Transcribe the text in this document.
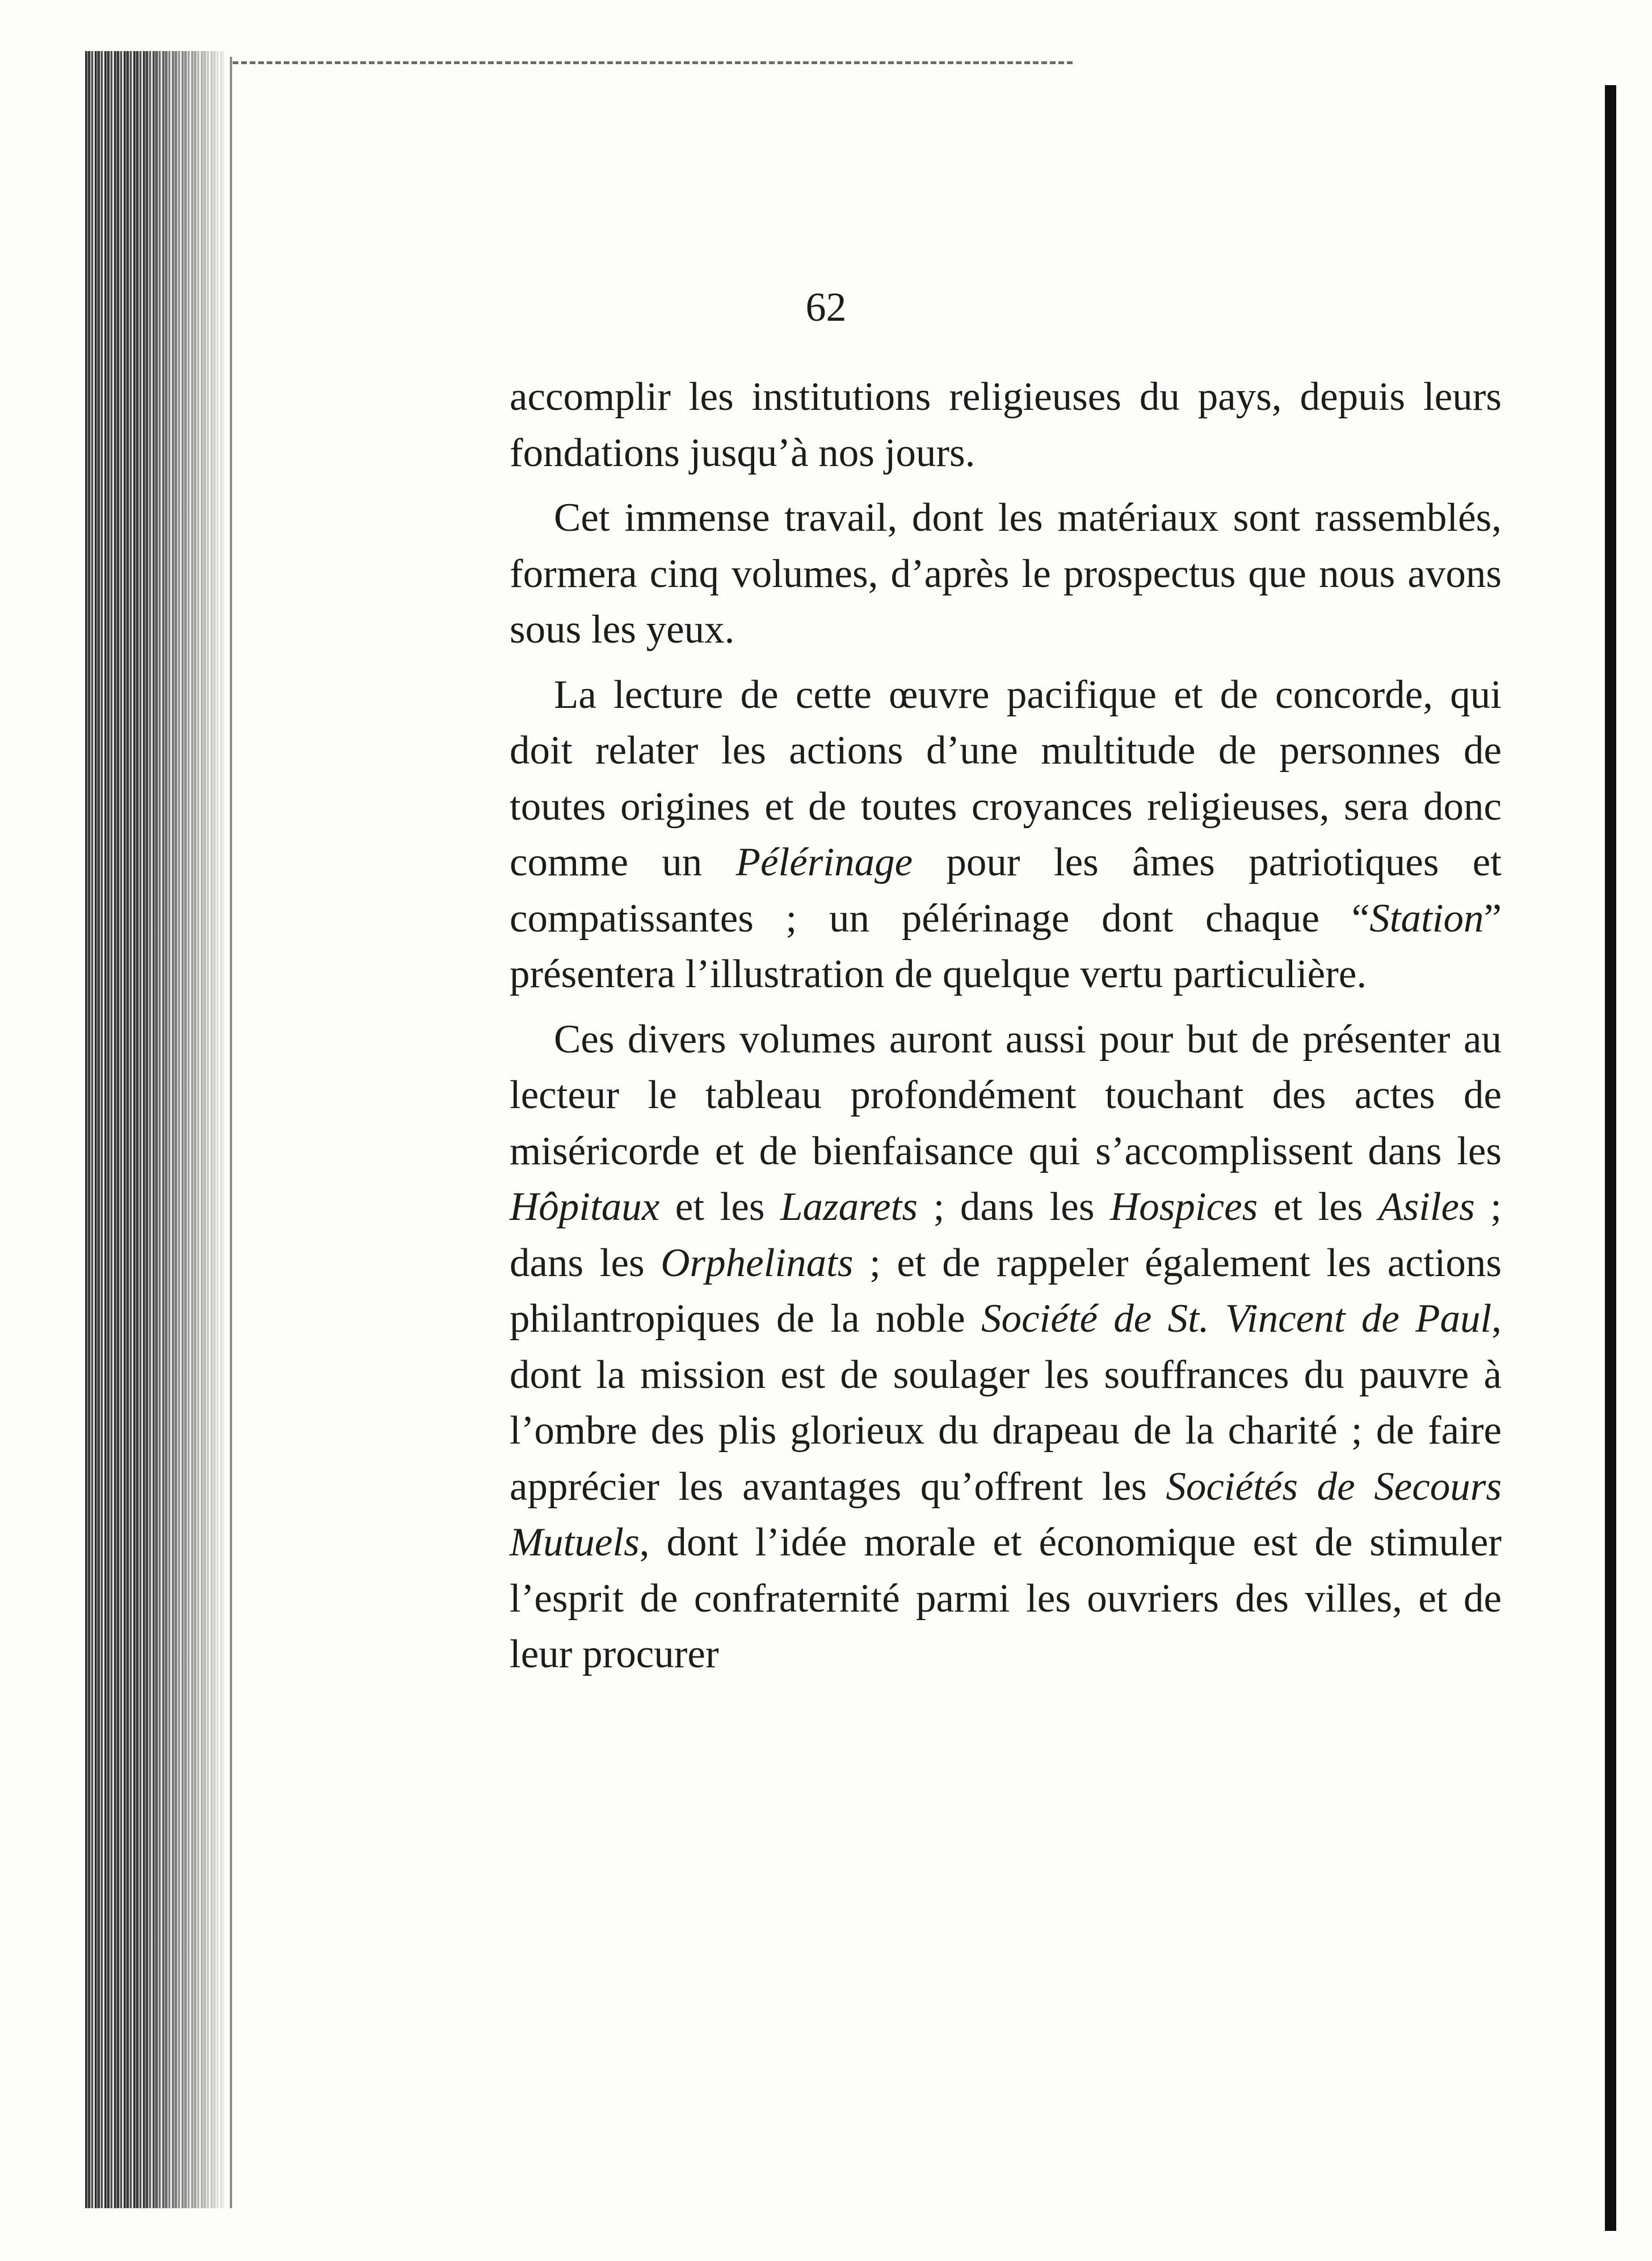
62

accomplir les institutions religieuses du pays, depuis leurs fondations jusqu’à nos jours.

Cet immense travail, dont les matériaux sont rassemblés, formera cinq volumes, d’après le prospectus que nous avons sous les yeux.

La lecture de cette œuvre pacifique et de concorde, qui doit relater les actions d’une multitude de personnes de toutes origines et de toutes croyances religieuses, sera donc comme un Pélérinage pour les âmes patriotiques et compatissantes ; un pélérinage dont chaque “Station” présentera l’illustration de quelque vertu particulière.

Ces divers volumes auront aussi pour but de présenter au lecteur le tableau profondément touchant des actes de miséricorde et de bienfaisance qui s’accomplissent dans les Hôpitaux et les Lazarets ; dans les Hospices et les Asiles ; dans les Orphelinats ; et de rappeler également les actions philantropiques de la noble Société de St. Vincent de Paul, dont la mission est de soulager les souffrances du pauvre à l’ombre des plis glorieux du drapeau de la charité ; de faire apprécier les avantages qu’offrent les Sociétés de Secours Mutuels, dont l’idée morale et économique est de stimuler l’esprit de confraternité parmi les ouvriers des villes, et de leur procurer
